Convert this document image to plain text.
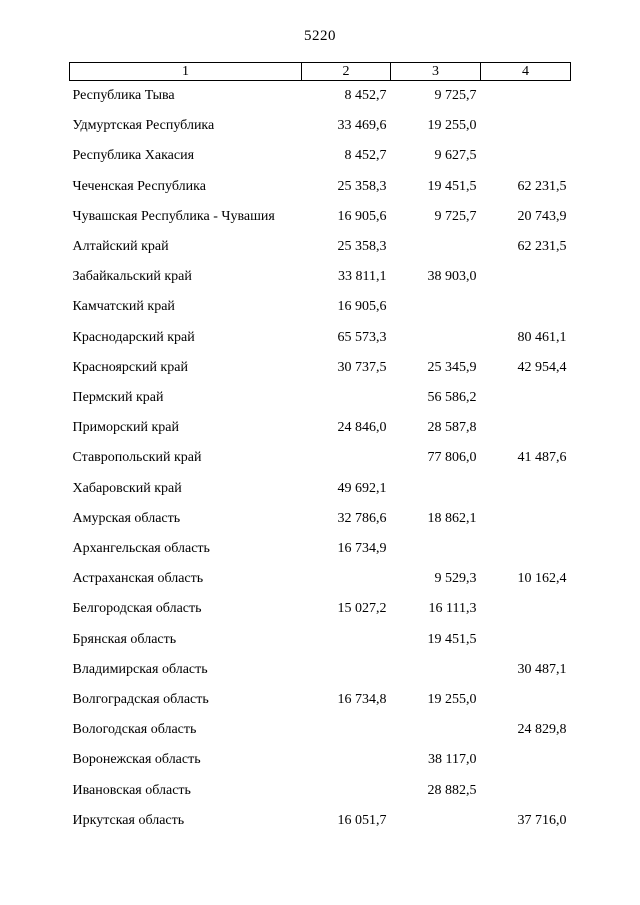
5220
1	2	3	4
Республика Тыва	8 452,7	9 725,7	
Удмуртская Республика	33 469,6	19 255,0	
Республика Хакасия	8 452,7	9 627,5	
Чеченская Республика	25 358,3	19 451,5	62 231,5
Чувашская Республика - Чувашия	16 905,6	9 725,7	20 743,9
Алтайский край	25 358,3		62 231,5
Забайкальский край	33 811,1	38 903,0	
Камчатский край	16 905,6		
Краснодарский край	65 573,3		80 461,1
Красноярский край	30 737,5	25 345,9	42 954,4
Пермский край		56 586,2	
Приморский край	24 846,0	28 587,8	
Ставропольский край		77 806,0	41 487,6
Хабаровский край	49 692,1		
Амурская область	32 786,6	18 862,1	
Архангельская область	16 734,9		
Астраханская область		9 529,3	10 162,4
Белгородская область	15 027,2	16 111,3	
Брянская область		19 451,5	
Владимирская область			30 487,1
Волгоградская область	16 734,8	19 255,0	
Вологодская область			24 829,8
Воронежская область		38 117,0	
Ивановская область		28 882,5	
Иркутская область	16 051,7		37 716,0
